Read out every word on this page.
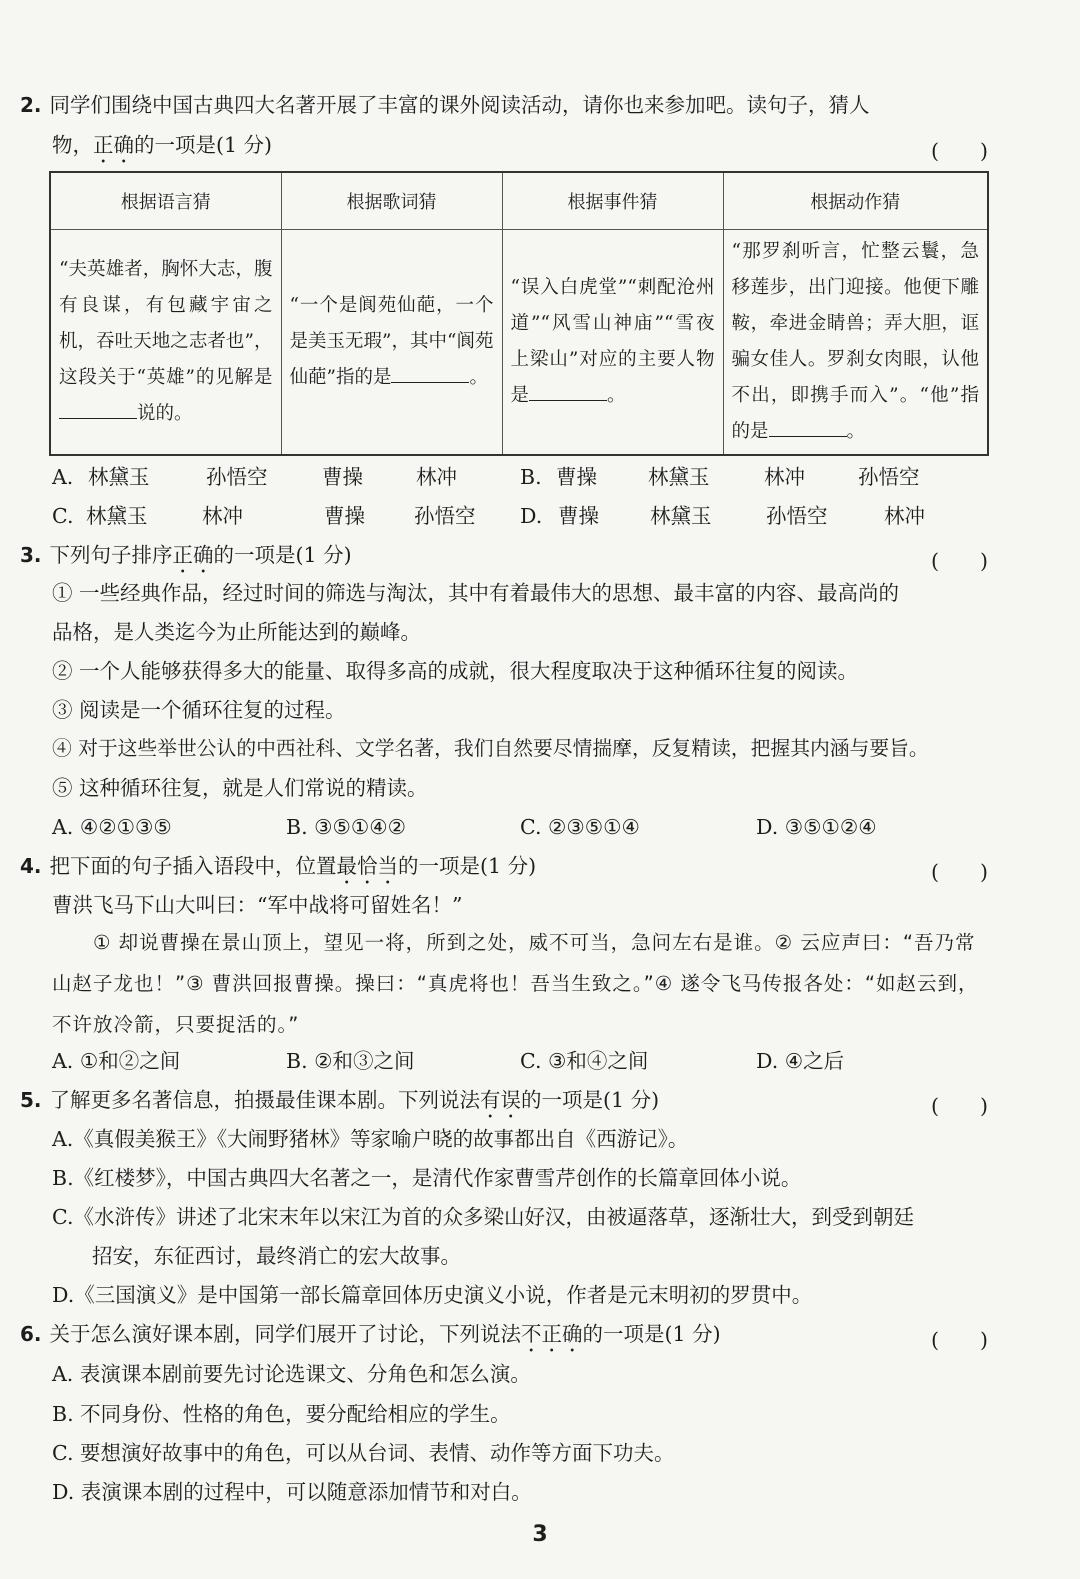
2. 同学们围绕中国古典四大名著开展了丰富的课外阅读活动，请你也来参加吧。读句子，猜人
物，正确的一项是(1 分)	(　　)
根据语言猜	根据歌词猜	根据事件猜	根据动作猜
“夫英雄者，胸怀大志，腹有良谋，有包藏宇宙之机，吞吐天地之志者也”，这段关于“英雄”的见解是说的。	“一个是阆苑仙葩，一个是美玉无瑕”，其中“阆苑仙葩”指的是 。	“误入白虎堂”“刺配沧州道”“风雪山神庙”“雪夜上梁山”对应的主要人物是 。	“那罗刹听言，忙整云鬟，急移莲步，出门迎接。他便下雕鞍，牵进金睛兽；弄大胆，诓骗女佳人。罗刹女肉眼，认他不出，即携手而入”。“他”指的是 。
A. 林黛玉	孙悟空	曹操	林冲	B. 曹操 林黛玉	林冲	孙悟空
C. 林黛玉	林冲	曹操 孙悟空 D. 曹操 林黛玉	孙悟空	林冲
3. 下列句子排序正确的一项是(1 分)	(　　)
① 一些经典作品，经过时间的筛选与淘汰，其中有着最伟大的思想、最丰富的内容、最高尚的
品格，是人类迄今为止所能达到的巅峰。
② 一个人能够获得多大的能量、取得多高的成就，很大程度取决于这种循环往复的阅读。
③ 阅读是一个循环往复的过程。
④ 对于这些举世公认的中西社科、文学名著，我们自然要尽情揣摩，反复精读，把握其内涵与要旨。
⑤ 这种循环往复，就是人们常说的精读。
A. ④②①③⑤	B. ③⑤①④②	C. ②③⑤①④	D. ③⑤①②④
4. 把下面的句子插入语段中，位置最恰当的一项是(1 分)	(　　)
曹洪飞马下山大叫曰：“军中战将可留姓名！”
　　① 却说曹操在景山顶上，望见一将，所到之处，威不可当，急问左右是谁。② 云应声曰：“吾乃常山赵子龙也！”③ 曹洪回报曹操。操曰：“真虎将也！吾当生致之。”④ 遂令飞马传报各处：“如赵云到，不许放冷箭，只要捉活的。”
A. ①和②之间	B. ②和③之间	C. ③和④之间	D. ④之后
5. 了解更多名著信息，拍摄最佳课本剧。下列说法有误的一项是(1 分)	(　　)
A.《真假美猴王》《大闹野猪林》等家喻户晓的故事都出自《西游记》。
B.《红楼梦》，中国古典四大名著之一，是清代作家曹雪芹创作的长篇章回体小说。
C.《水浒传》讲述了北宋末年以宋江为首的众多梁山好汉，由被逼落草，逐渐壮大，到受到朝廷
招安，东征西讨，最终消亡的宏大故事。
D.《三国演义》是中国第一部长篇章回体历史演义小说，作者是元末明初的罗贯中。
6. 关于怎么演好课本剧，同学们展开了讨论，下列说法不正确的一项是(1 分)	(　　)
A. 表演课本剧前要先讨论选课文、分角色和怎么演。
B. 不同身份、性格的角色，要分配给相应的学生。
C. 要想演好故事中的角色，可以从台词、表情、动作等方面下功夫。
D. 表演课本剧的过程中，可以随意添加情节和对白。
3
